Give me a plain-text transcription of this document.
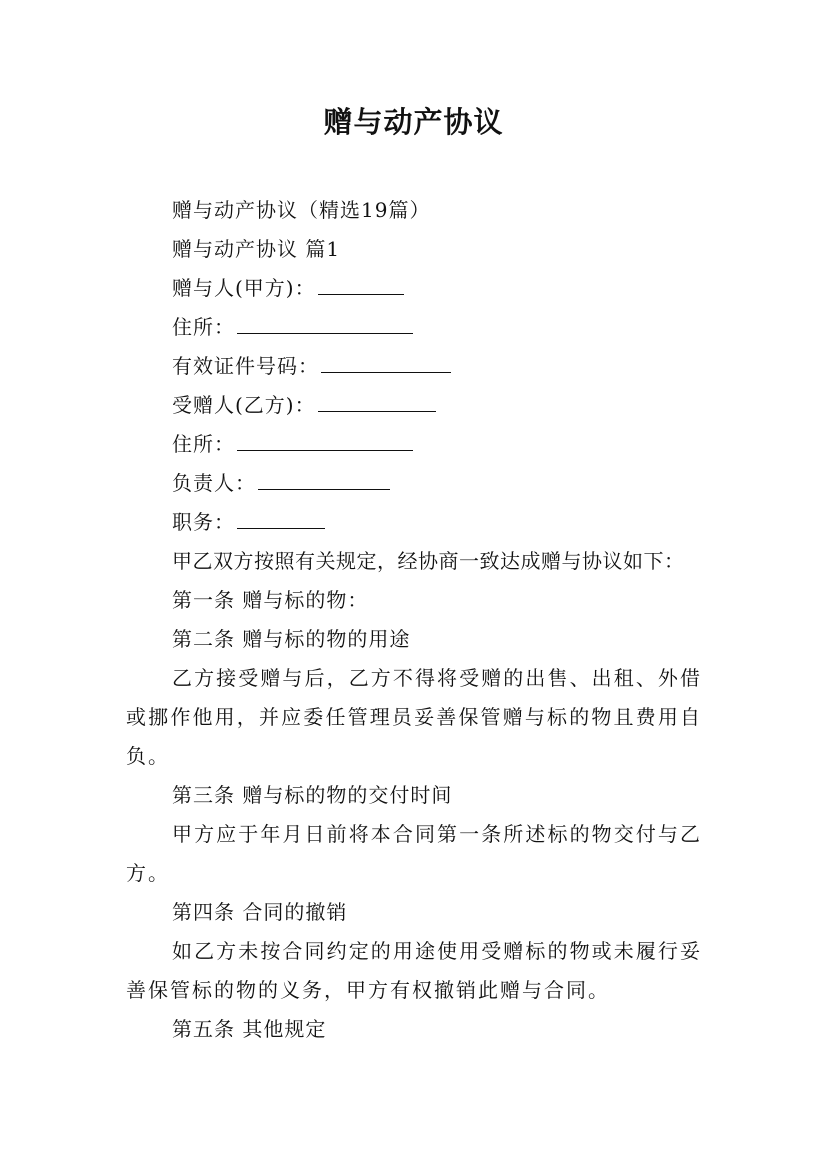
赠与动产协议
赠与动产协议（精选19篇）
赠与动产协议 篇1
赠与人(甲方)：
住所：
有效证件号码：
受赠人(乙方)：
住所：
负责人：
职务：
甲乙双方按照有关规定，经协商一致达成赠与协议如下：
第一条 赠与标的物：
第二条 赠与标的物的用途
乙方接受赠与后，乙方不得将受赠的出售、出租、外借或挪作他用，并应委任管理员妥善保管赠与标的物且费用自负。
第三条 赠与标的物的交付时间
甲方应于年月日前将本合同第一条所述标的物交付与乙方。
第四条 合同的撤销
如乙方未按合同约定的用途使用受赠标的物或未履行妥善保管标的物的义务，甲方有权撤销此赠与合同。
第五条 其他规定
